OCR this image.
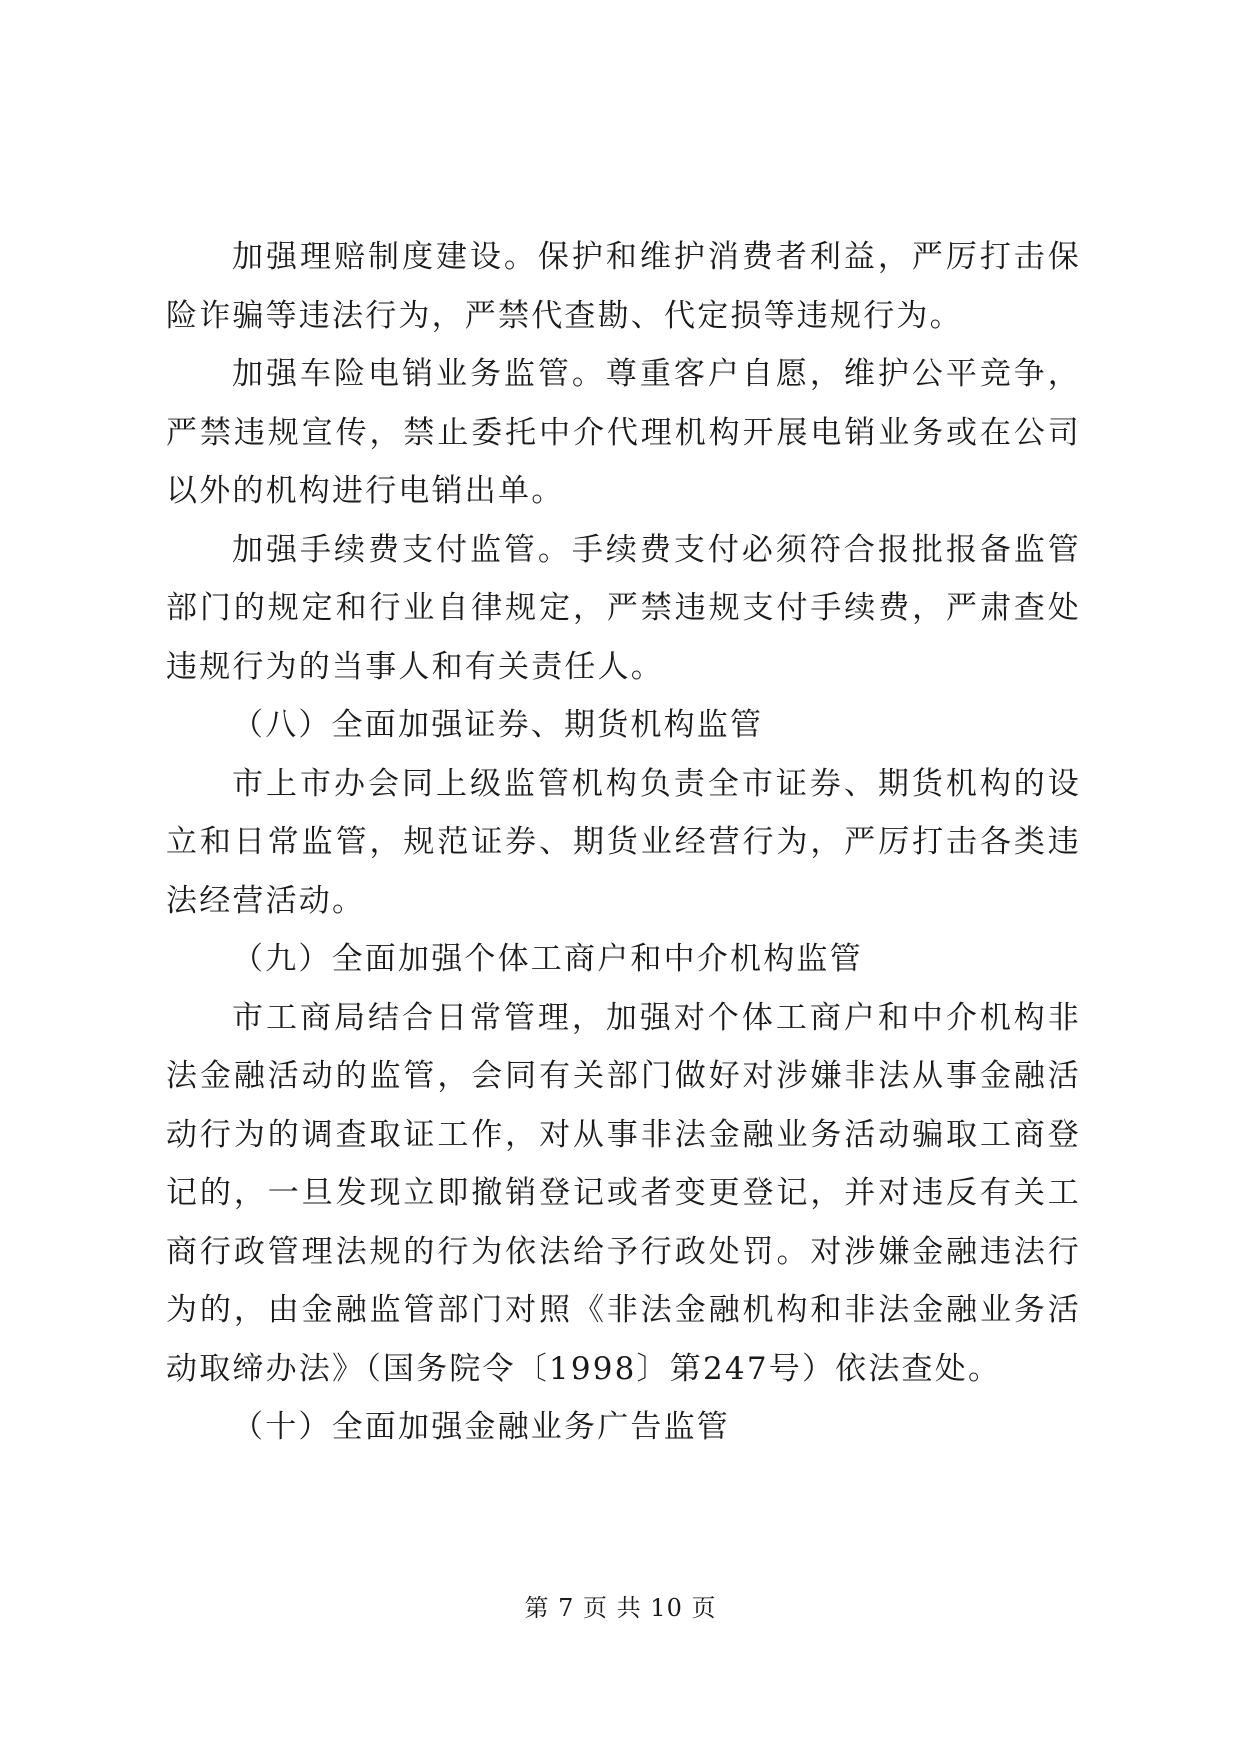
加强理赔制度建设。保护和维护消费者利益，严厉打击保险诈骗等违法行为，严禁代查勘、代定损等违规行为。

加强车险电销业务监管。尊重客户自愿，维护公平竞争，严禁违规宣传，禁止委托中介代理机构开展电销业务或在公司以外的机构进行电销出单。

加强手续费支付监管。手续费支付必须符合报批报备监管部门的规定和行业自律规定，严禁违规支付手续费，严肃查处违规行为的当事人和有关责任人。

（八）全面加强证券、期货机构监管

市上市办会同上级监管机构负责全市证券、期货机构的设立和日常监管，规范证券、期货业经营行为，严厉打击各类违法经营活动。

（九）全面加强个体工商户和中介机构监管

市工商局结合日常管理，加强对个体工商户和中介机构非法金融活动的监管，会同有关部门做好对涉嫌非法从事金融活动行为的调查取证工作，对从事非法金融业务活动骗取工商登记的，一旦发现立即撤销登记或者变更登记，并对违反有关工商行政管理法规的行为依法给予行政处罚。对涉嫌金融违法行为的，由金融监管部门对照《非法金融机构和非法金融业务活动取缔办法》（国务院令〔1998〕第247号）依法查处。

（十）全面加强金融业务广告监管

第 7 页 共 10 页
